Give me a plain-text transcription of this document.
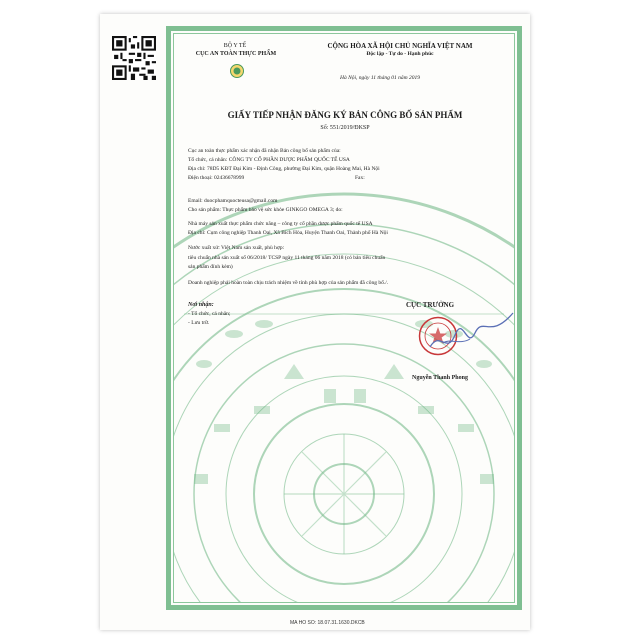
BỘ Y TẾ
CỤC AN TOÀN THỰC PHẨM
CỘNG HÒA XÃ HỘI CHỦ NGHĨA VIỆT NAM
Độc lập - Tự do - Hạnh phúc
Hà Nội, ngày 11 tháng 01 năm 2019
GIẤY TIẾP NHẬN ĐĂNG KÝ BẢN CÔNG BỐ SẢN PHẨM
Số: 551/2019/ĐKSP
Cục an toàn thực phẩm xác nhận đã nhận Bản công bố sản phẩm của:
Tổ chức, cá nhân: CÔNG TY CỔ PHẦN DƯỢC PHẨM QUỐC TẾ USA
Địa chỉ: 78D5 KĐT Đại Kim - Định Công, phường Đại Kim, quận Hoàng Mai, Hà Nội
Điện thoại: 02436678999	Fax:
Email: duocphamquocteusa@gmail.com
Cho sản phẩm: Thực phẩm bảo vệ sức khỏe GINKGO OMEGA 3; do:
Nhà máy sản xuất thực phẩm chức năng – công ty cổ phần dược phẩm quốc tế USA
Địa chỉ: Cụm công nghiệp Thanh Oai, Xã Bích Hòa, Huyện Thanh Oai, Thành phố Hà Nội
Nước xuất xứ: Việt Nam sản xuất, phù hợp:
tiêu chuẩn nhà sản xuất số 06/2018/ TCSP ngày 11 tháng 06 năm 2018 (có bản tiêu chuẩn
sản phẩm đính kèm)
Doanh nghiệp phải hoàn toàn chịu trách nhiệm về tính phù hợp của sản phẩm đã công bố./.
Nơi nhận:
- Tổ chức, cá nhân;
- Lưu trữ.
CỤC TRƯỞNG
Nguyễn Thanh Phong
MA HO SO: 18.07.31.1630.DKCB
